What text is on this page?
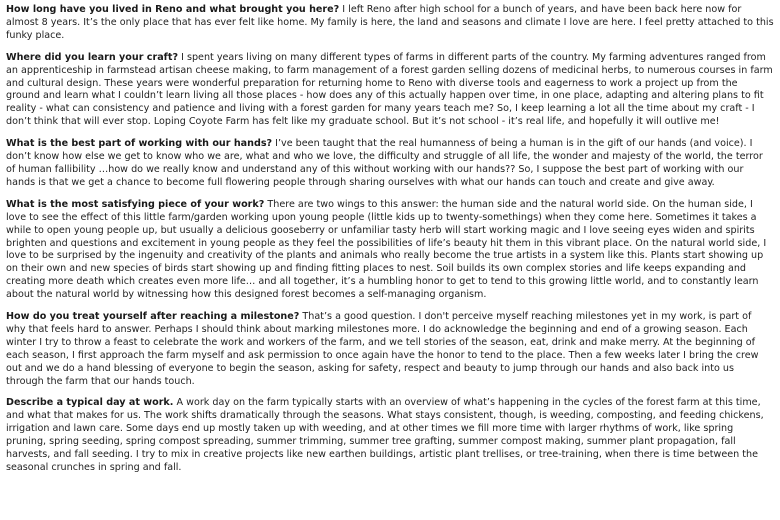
How long have you lived in Reno and what brought you here? I left Reno after high school for a bunch of years, and have been back here now for almost 8 years. It’s the only place that has ever felt like home. My family is here, the land and seasons and climate I love are here. I feel pretty attached to this funky place.

Where did you learn your craft? I spent years living on many different types of farms in different parts of the country. My farming adventures ranged from an apprenticeship in farmstead artisan cheese making, to farm management of a forest garden selling dozens of medicinal herbs, to numerous courses in farm and cultural design. These years were wonderful preparation for returning home to Reno with diverse tools and eagerness to work a project up from the ground and learn what I couldn’t learn living all those places - how does any of this actually happen over time, in one place, adapting and altering plans to fit reality - what can consistency and patience and living with a forest garden for many years teach me? So, I keep learning a lot all the time about my craft - I don’t think that will ever stop. Loping Coyote Farm has felt like my graduate school. But it’s not school - it’s real life, and hopefully it will outlive me!

What is the best part of working with our hands? I’ve been taught that the real humanness of being a human is in the gift of our hands (and voice). I don’t know how else we get to know who we are, what and who we love, the difficulty and struggle of all life, the wonder and majesty of the world, the terror of human fallibility …how do we really know and understand any of this without working with our hands?? So, I suppose the best part of working with our hands is that we get a chance to become full flowering people through sharing ourselves with what our hands can touch and create and give away.

What is the most satisfying piece of your work? There are two wings to this answer: the human side and the natural world side. On the human side, I love to see the effect of this little farm/garden working upon young people (little kids up to twenty-somethings) when they come here. Sometimes it takes a while to open young people up, but usually a delicious gooseberry or unfamiliar tasty herb will start working magic and I love seeing eyes widen and spirits brighten and questions and excitement in young people as they feel the possibilities of life’s beauty hit them in this vibrant place. On the natural world side, I love to be surprised by the ingenuity and creativity of the plants and animals who really become the true artists in a system like this. Plants start showing up on their own and new species of birds start showing up and finding fitting places to nest. Soil builds its own complex stories and life keeps expanding and creating more death which creates even more life… and all together, it’s a humbling honor to get to tend to this growing little world, and to constantly learn about the natural world by witnessing how this designed forest becomes a self-managing organism.

How do you treat yourself after reaching a milestone? That’s a good question. I don't perceive myself reaching milestones yet in my work, is part of why that feels hard to answer. Perhaps I should think about marking milestones more. I do acknowledge the beginning and end of a growing season. Each winter I try to throw a feast to celebrate the work and workers of the farm, and we tell stories of the season, eat, drink and make merry. At the beginning of each season, I first approach the farm myself and ask permission to once again have the honor to tend to the place. Then a few weeks later I bring the crew out and we do a hand blessing of everyone to begin the season, asking for safety, respect and beauty to jump through our hands and also back into us through the farm that our hands touch.

Describe a typical day at work. A work day on the farm typically starts with an overview of what’s happening in the cycles of the forest farm at this time, and what that makes for us. The work shifts dramatically through the seasons. What stays consistent, though, is weeding, composting, and feeding chickens, irrigation and lawn care. Some days end up mostly taken up with weeding, and at other times we fill more time with larger rhythms of work, like spring pruning, spring seeding, spring compost spreading, summer trimming, summer tree grafting, summer compost making, summer plant propagation, fall harvests, and fall seeding. I try to mix in creative projects like new earthen buildings, artistic plant trellises, or tree-training, when there is time between the seasonal crunches in spring and fall.
